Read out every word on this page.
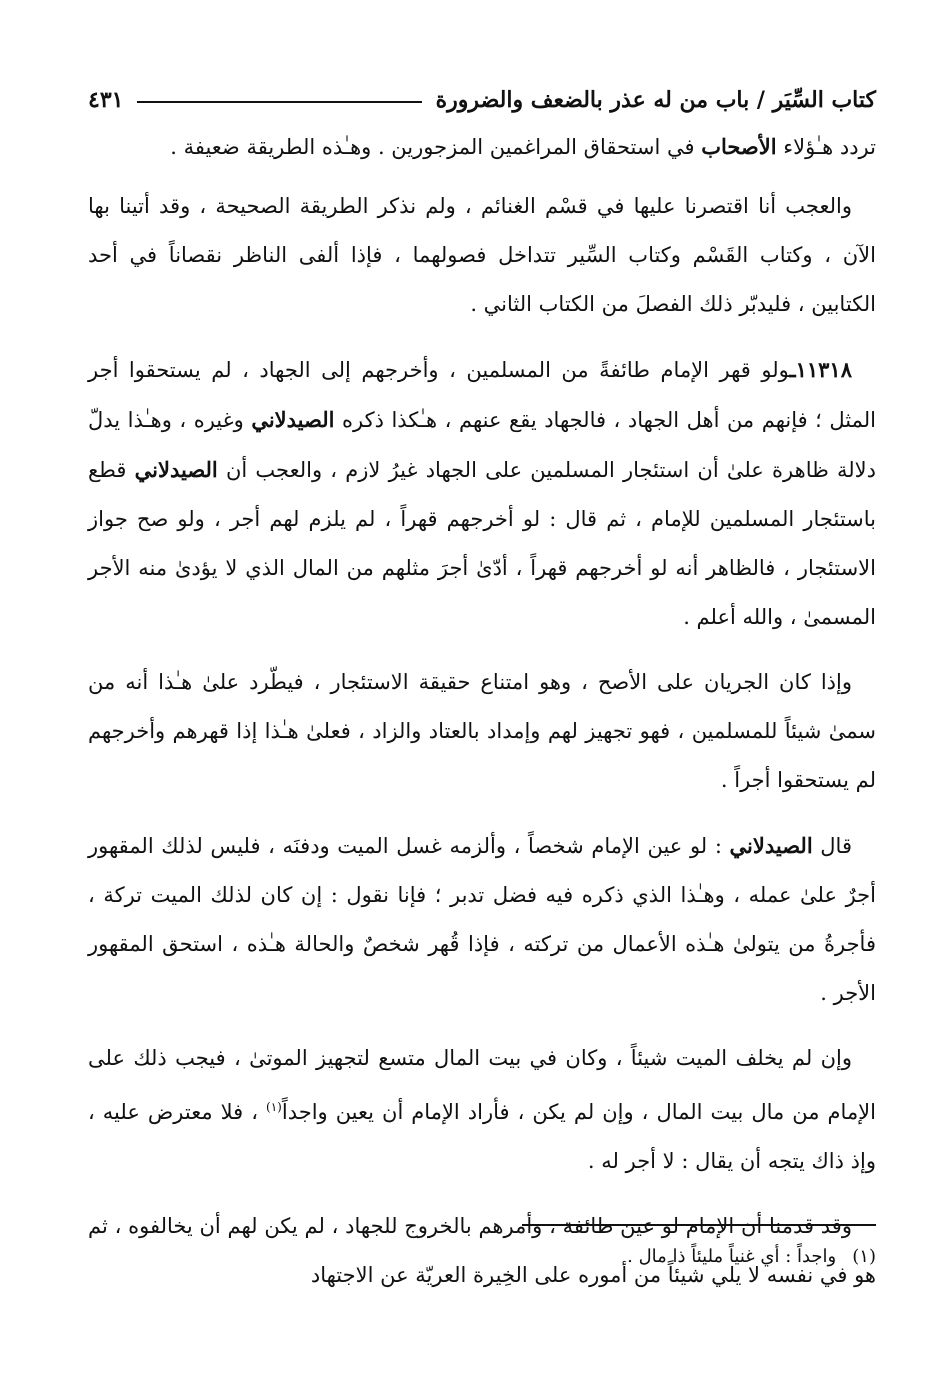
كتاب السِّيَر / باب من له عذر بالضعف والضرورة
٤٣١

تردد هـٰؤلاء الأصحاب في استحقاق المراغمين المزجورين . وهـٰذه الطريقة ضعيفة .

والعجب أنا اقتصرنا عليها في قسْم الغنائم ، ولم نذكر الطريقة الصحيحة ، وقد أتينا بها الآن ، وكتاب القَسْم وكتاب السِّير تتداخل فصولهما ، فإذا ألفى الناظر نقصاناً في أحد الكتابين ، فليدبّر ذلك الفصلَ من الكتاب الثاني .

١١٣١٨ـولو قهر الإمام طائفةً من المسلمين ، وأخرجهم إلى الجهاد ، لم يستحقوا أجر المثل ؛ فإنهم من أهل الجهاد ، فالجهاد يقع عنهم ، هـٰكذا ذكره الصيدلاني وغيره ، وهـٰذا يدلّ دلالة ظاهرة علىٰ أن استئجار المسلمين على الجهاد غيرُ لازم ، والعجب أن الصيدلاني قطع باستئجار المسلمين للإمام ، ثم قال : لو أخرجهم قهراً ، لم يلزم لهم أجر ، ولو صح جواز الاستئجار ، فالظاهر أنه لو أخرجهم قهراً ، أدّىٰ أجرَ مثلهم من المال الذي لا يؤدىٰ منه الأجر المسمىٰ ، والله أعلم .

وإذا كان الجريان على الأصح ، وهو امتناع حقيقة الاستئجار ، فيطّرد علىٰ هـٰذا أنه من سمىٰ شيئاً للمسلمين ، فهو تجهيز لهم وإمداد بالعتاد والزاد ، فعلىٰ هـٰذا إذا قهرهم وأخرجهم لم يستحقوا أجراً .

قال الصيدلاني : لو عين الإمام شخصاً ، وألزمه غسل الميت ودفنَه ، فليس لذلك المقهور أجرٌ علىٰ عمله ، وهـٰذا الذي ذكره فيه فضل تدبر ؛ فإنا نقول : إن كان لذلك الميت تركة ، فأجرةُ من يتولىٰ هـٰذه الأعمال من تركته ، فإذا قُهر شخصٌ والحالة هـٰذه ، استحق المقهور الأجر .

وإن لم يخلف الميت شيئاً ، وكان في بيت المال متسع لتجهيز الموتىٰ ، فيجب ذلك على الإمام من مال بيت المال ، وإن لم يكن ، فأراد الإمام أن يعين واجداً$^{(١)}$ ، فلا معترض عليه ، وإذ ذاك يتجه أن يقال : لا أجر له .

وقد قدمنا أن الإمام لو عين طائفة ، وأمرهم بالخروج للجهاد ، لم يكن لهم أن يخالفوه ، ثم هو في نفسه لا يلي شيئاً من أموره على الخِيرة العريّة عن الاجتهاد

(١)واجداً : أي غنياً مليئاً ذا مال .
